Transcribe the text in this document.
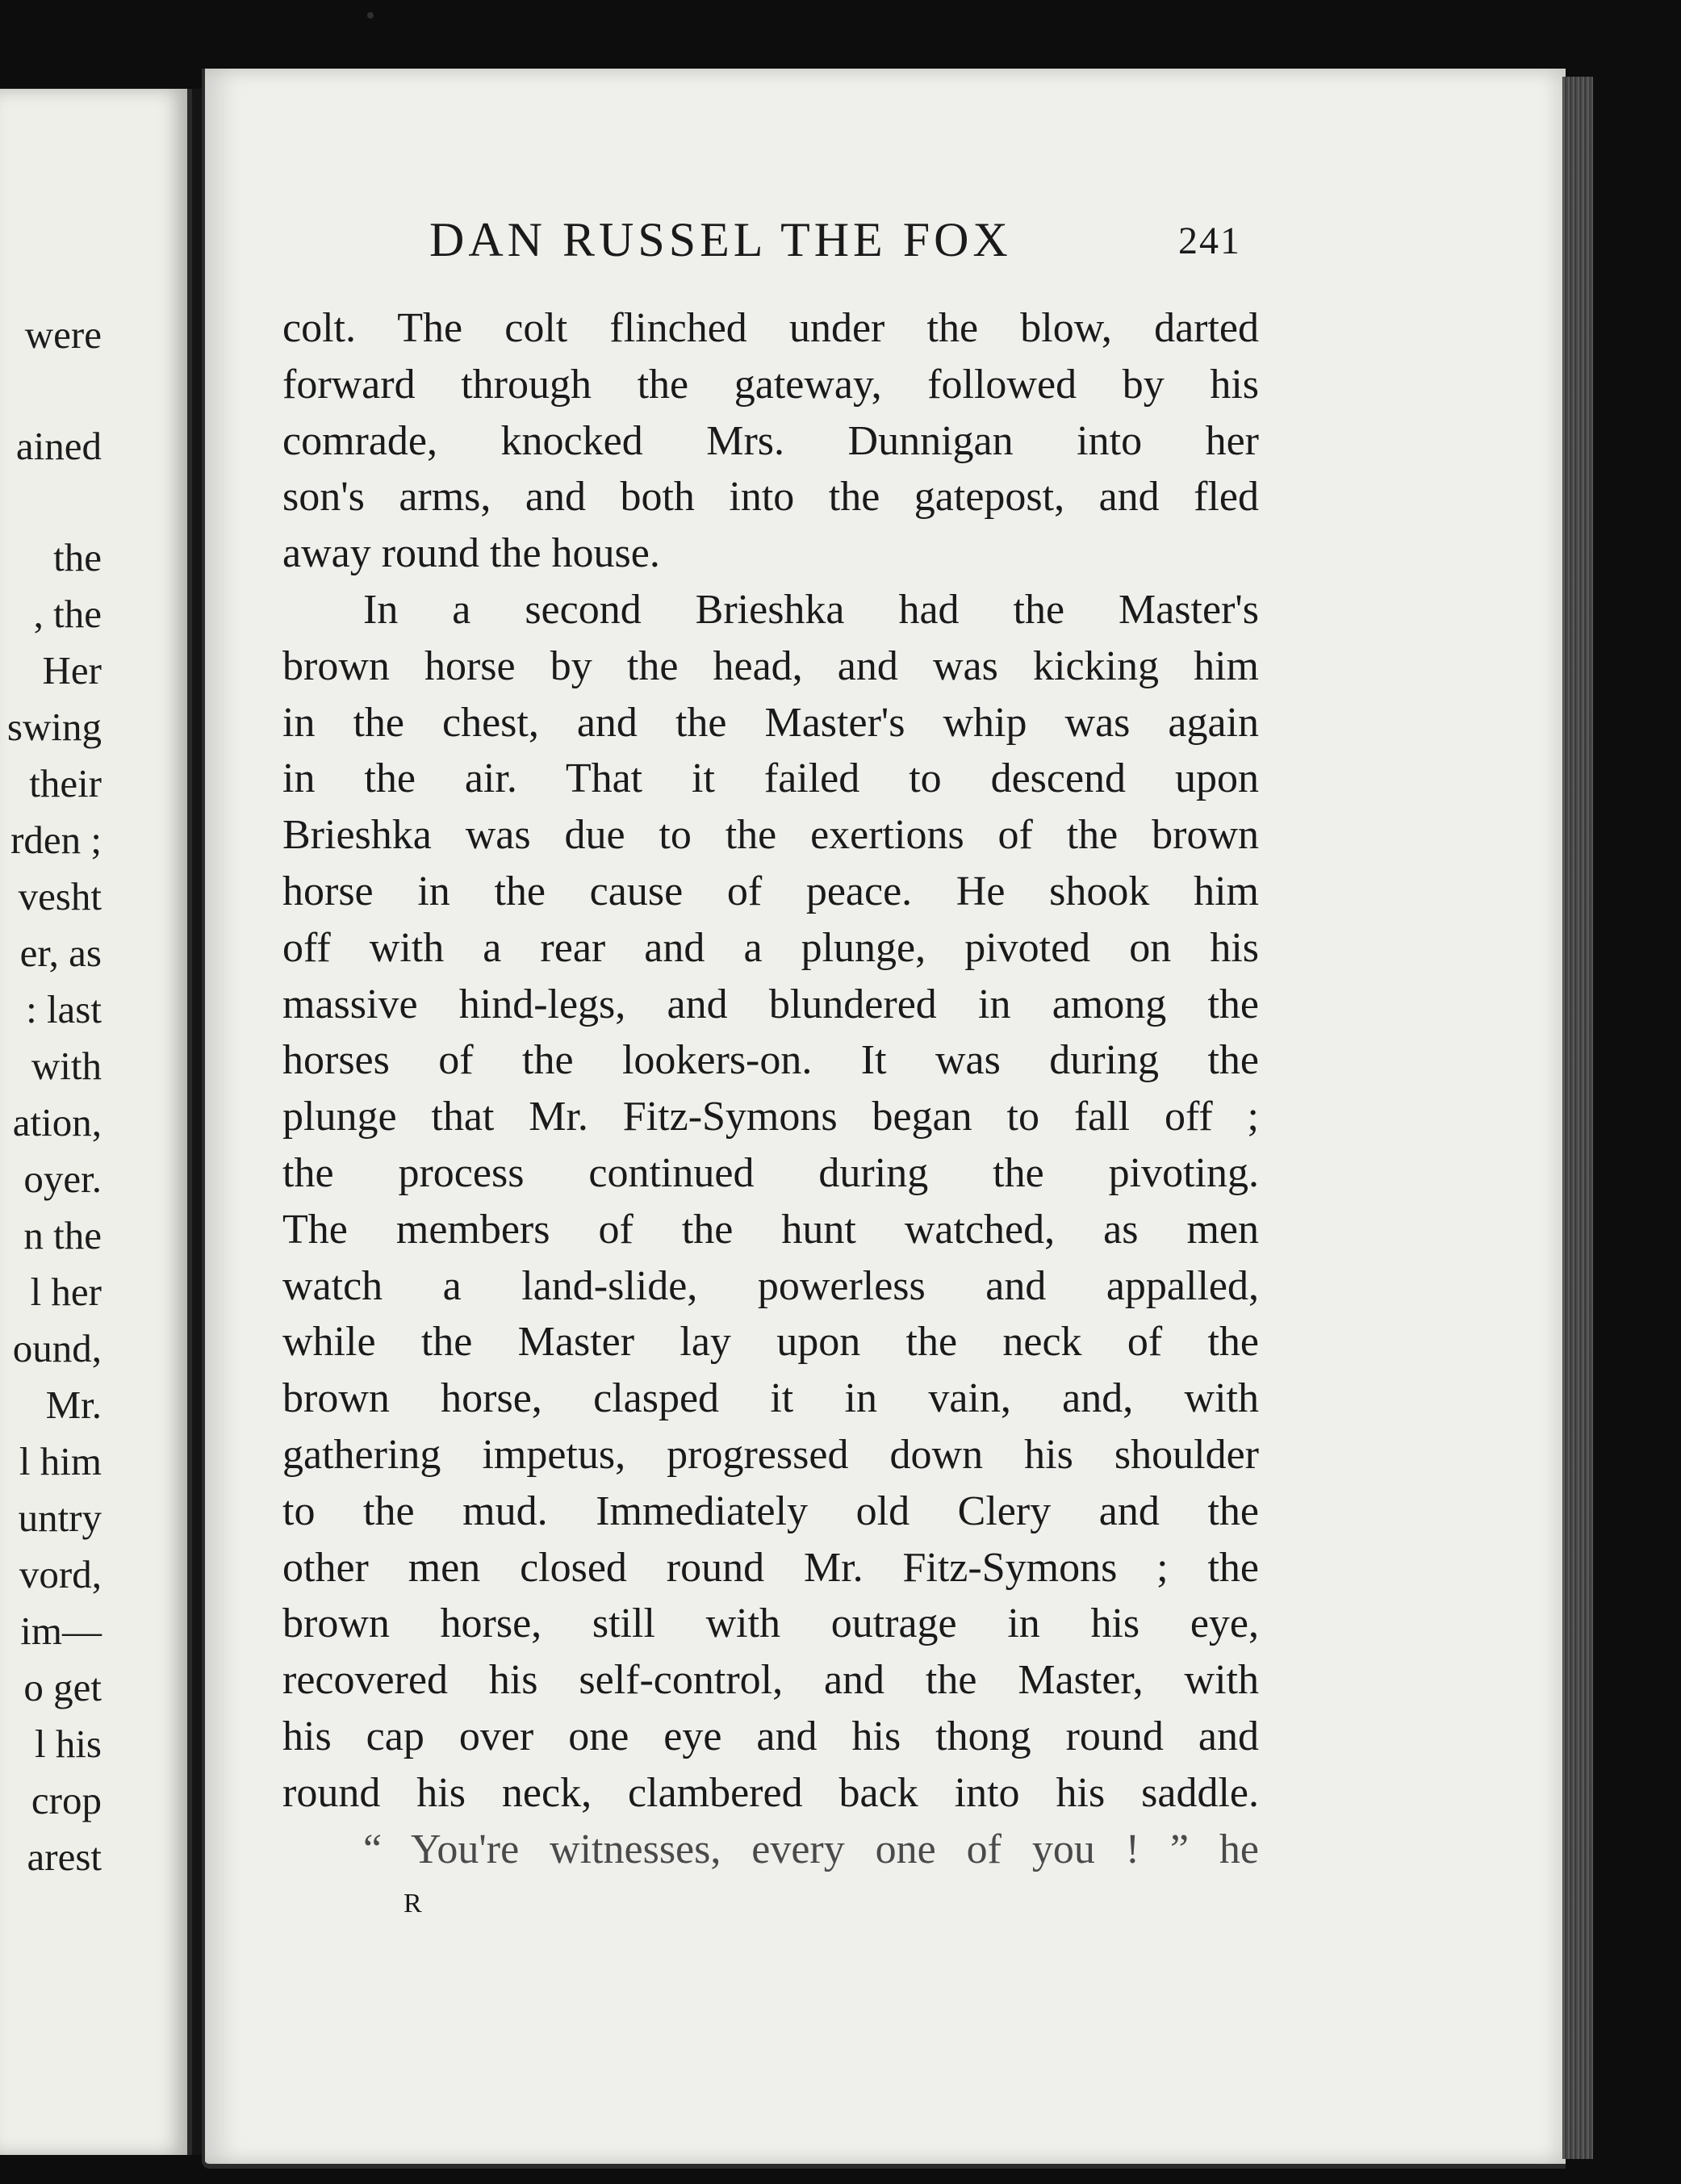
were
ained
the
, the
Her
swing
their
rden ;
vesht
er, as
: last
with
ation,
oyer.
n the
l her
ound,
Mr.
l him
untry
vord,
im—
o get
l his
crop
arest
DAN RUSSEL THE FOX	241
colt. The colt flinched under the blow, darted
forward through the gateway, followed by his
comrade, knocked Mrs. Dunnigan into her
son's arms, and both into the gatepost, and fled
away round the house.
In a second Brieshka had the Master's
brown horse by the head, and was kicking him
in the chest, and the Master's whip was again
in the air. That it failed to descend upon
Brieshka was due to the exertions of the brown
horse in the cause of peace. He shook him
off with a rear and a plunge, pivoted on his
massive hind-legs, and blundered in among the
horses of the lookers-on. It was during the
plunge that Mr. Fitz-Symons began to fall off ;
the process continued during the pivoting.
The members of the hunt watched, as men
watch a land-slide, powerless and appalled,
while the Master lay upon the neck of the
brown horse, clasped it in vain, and, with
gathering impetus, progressed down his shoulder
to the mud. Immediately old Clery and the
other men closed round Mr. Fitz-Symons ; the
brown horse, still with outrage in his eye,
recovered his self-control, and the Master, with
his cap over one eye and his thong round and
round his neck, clambered back into his saddle.
“ You're witnesses, every one of you ! ” he
R
